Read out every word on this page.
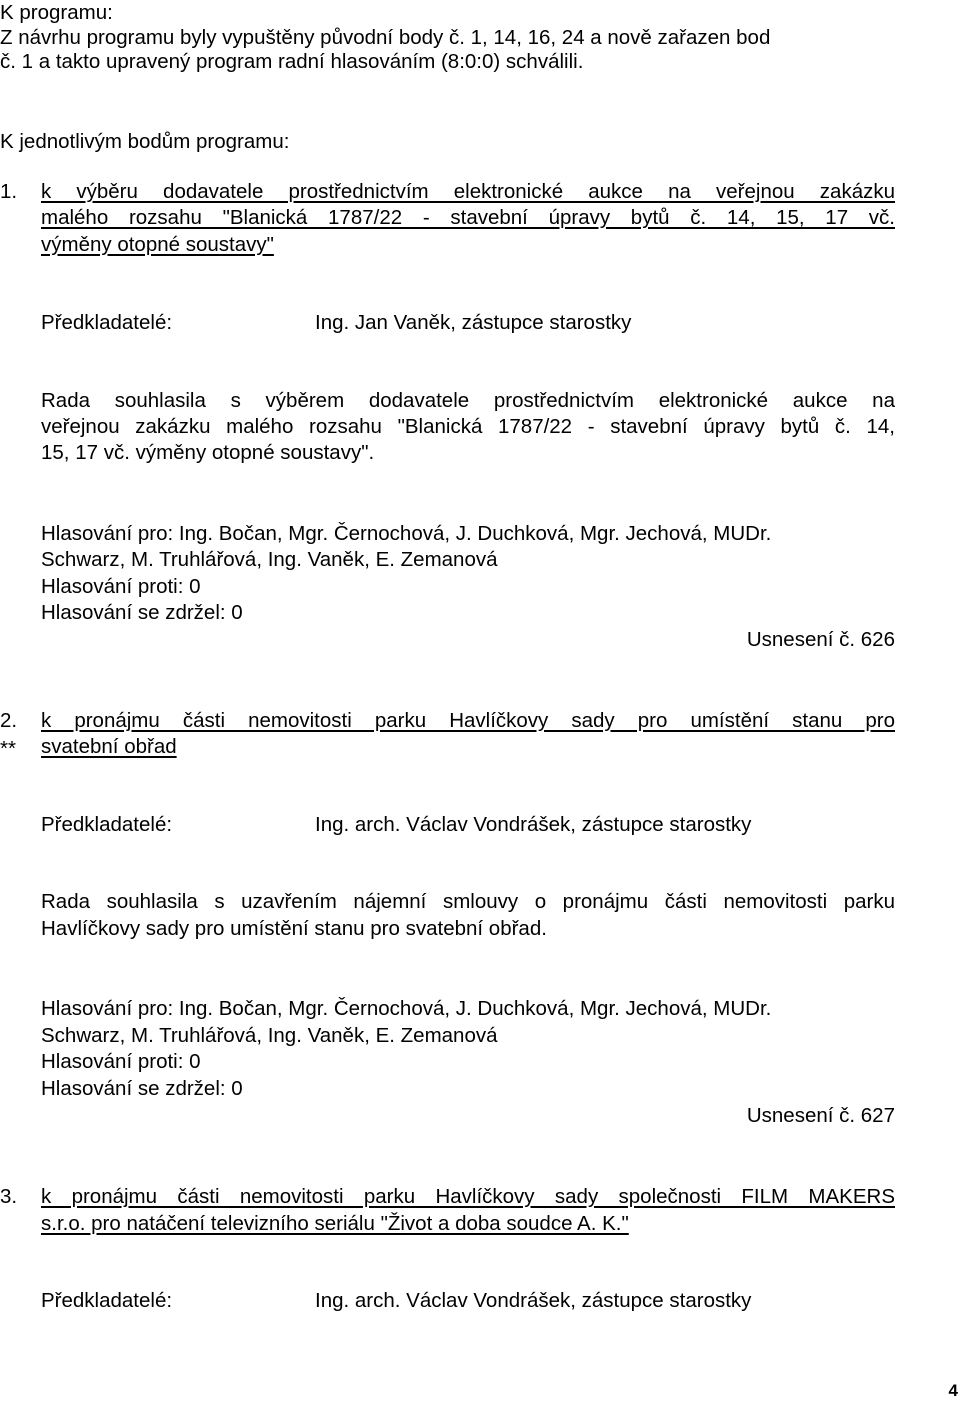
K programu:
Z návrhu programu byly vypuštěny původní body č. 1, 14, 16, 24 a nově zařazen bod
č. 1 a takto upravený program radní hlasováním (8:0:0) schválili.
K jednotlivým bodům programu:
1. k výběru dodavatele prostřednictvím elektronické aukce na veřejnou zakázku
malého rozsahu "Blanická 1787/22 - stavební úpravy bytů č. 14, 15, 17 vč.
výměny otopné soustavy"
Předkladatelé:	Ing. Jan Vaněk, zástupce starostky
Rada souhlasila s výběrem dodavatele prostřednictvím elektronické aukce na
veřejnou zakázku malého rozsahu "Blanická 1787/22 - stavební úpravy bytů č. 14,
15, 17 vč. výměny otopné soustavy".
Hlasování pro: Ing. Bočan, Mgr. Černochová, J. Duchková, Mgr. Jechová, MUDr.
Schwarz, M. Truhlářová, Ing. Vaněk, E. Zemanová
Hlasování proti: 0
Hlasování se zdržel: 0
Usnesení č. 626
2.
**
k pronájmu části nemovitosti parku Havlíčkovy sady pro umístění stanu pro
svatební obřad
Předkladatelé:	Ing. arch. Václav Vondrášek, zástupce starostky
Rada souhlasila s uzavřením nájemní smlouvy o pronájmu části nemovitosti parku
Havlíčkovy sady pro umístění stanu pro svatební obřad.
Hlasování pro: Ing. Bočan, Mgr. Černochová, J. Duchková, Mgr. Jechová, MUDr.
Schwarz, M. Truhlářová, Ing. Vaněk, E. Zemanová
Hlasování proti: 0
Hlasování se zdržel: 0
Usnesení č. 627
3. k pronájmu části nemovitosti parku Havlíčkovy sady společnosti FILM MAKERS
s.r.o. pro natáčení televizního seriálu "Život a doba soudce A. K."
Předkladatelé:	Ing. arch. Václav Vondrášek, zástupce starostky
4
